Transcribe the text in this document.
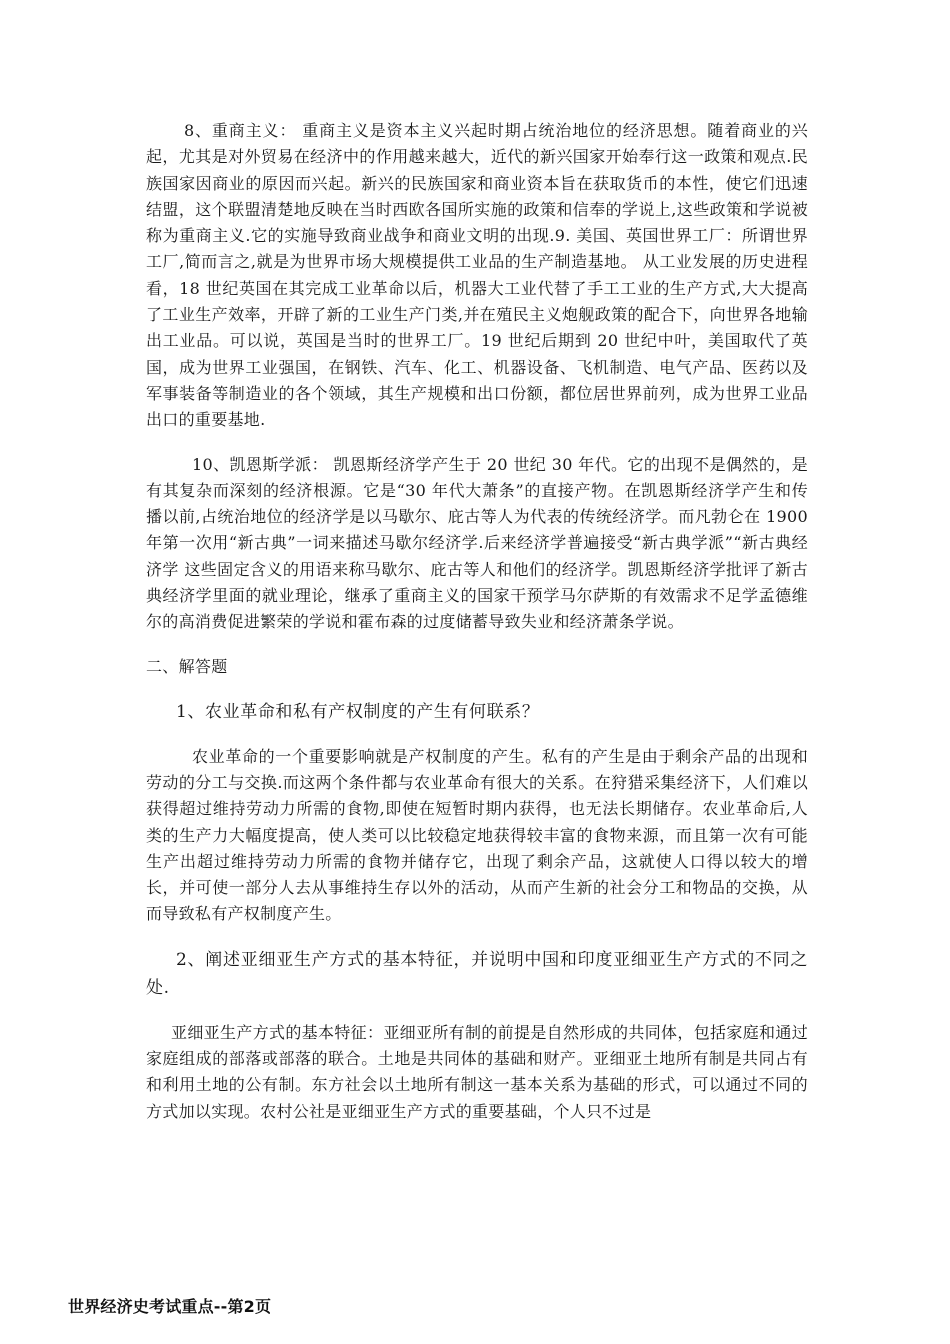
8、重商主义： 重商主义是资本主义兴起时期占统治地位的经济思想。随着商业的兴起，尤其是对外贸易在经济中的作用越来越大，近代的新兴国家开始奉行这一政策和观点.民族国家因商业的原因而兴起。新兴的民族国家和商业资本旨在获取货币的本性，使它们迅速结盟，这个联盟清楚地反映在当时西欧各国所实施的政策和信奉的学说上,这些政策和学说被称为重商主义.它的实施导致商业战争和商业文明的出现.9. 美国、英国世界工厂：所谓世界工厂,简而言之,就是为世界市场大规模提供工业品的生产制造基地。 从工业发展的历史进程看，18 世纪英国在其完成工业革命以后，机器大工业代替了手工工业的生产方式,大大提高了工业生产效率，开辟了新的工业生产门类,并在殖民主义炮舰政策的配合下，向世界各地输出工业品。可以说，英国是当时的世界工厂。19 世纪后期到 20 世纪中叶，美国取代了英国，成为世界工业强国，在钢铁、汽车、化工、机器设备、飞机制造、电气产品、医药以及军事装备等制造业的各个领域，其生产规模和出口份额，都位居世界前列，成为世界工业品出口的重要基地.

10、凯恩斯学派： 凯恩斯经济学产生于 20 世纪 30 年代。它的出现不是偶然的，是有其复杂而深刻的经济根源。它是“30 年代大萧条”的直接产物。在凯恩斯经济学产生和传播以前,占统治地位的经济学是以马歇尔、庇古等人为代表的传统经济学。而凡勃仑在 1900 年第一次用“新古典”一词来描述马歇尔经济学.后来经济学普遍接受“新古典学派”“新古典经济学 这些固定含义的用语来称马歇尔、庇古等人和他们的经济学。凯恩斯经济学批评了新古典经济学里面的就业理论，继承了重商主义的国家干预学马尔萨斯的有效需求不足学孟德维尔的高消费促进繁荣的学说和霍布森的过度储蓄导致失业和经济萧条学说。

二、解答题

1、农业革命和私有产权制度的产生有何联系？

农业革命的一个重要影响就是产权制度的产生。私有的产生是由于剩余产品的出现和劳动的分工与交换.而这两个条件都与农业革命有很大的关系。在狩猎采集经济下，人们难以获得超过维持劳动力所需的食物,即使在短暂时期内获得，也无法长期储存。农业革命后,人类的生产力大幅度提高，使人类可以比较稳定地获得较丰富的食物来源，而且第一次有可能生产出超过维持劳动力所需的食物并储存它，出现了剩余产品，这就使人口得以较大的增长，并可使一部分人去从事维持生存以外的活动，从而产生新的社会分工和物品的交换，从而导致私有产权制度产生。

2、阐述亚细亚生产方式的基本特征，并说明中国和印度亚细亚生产方式的不同之处.

亚细亚生产方式的基本特征：亚细亚所有制的前提是自然形成的共同体，包括家庭和通过家庭组成的部落或部落的联合。土地是共同体的基础和财产。亚细亚土地所有制是共同占有和利用土地的公有制。东方社会以土地所有制这一基本关系为基础的形式，可以通过不同的方式加以实现。农村公社是亚细亚生产方式的重要基础，个人只不过是

世界经济史考试重点--第2页
